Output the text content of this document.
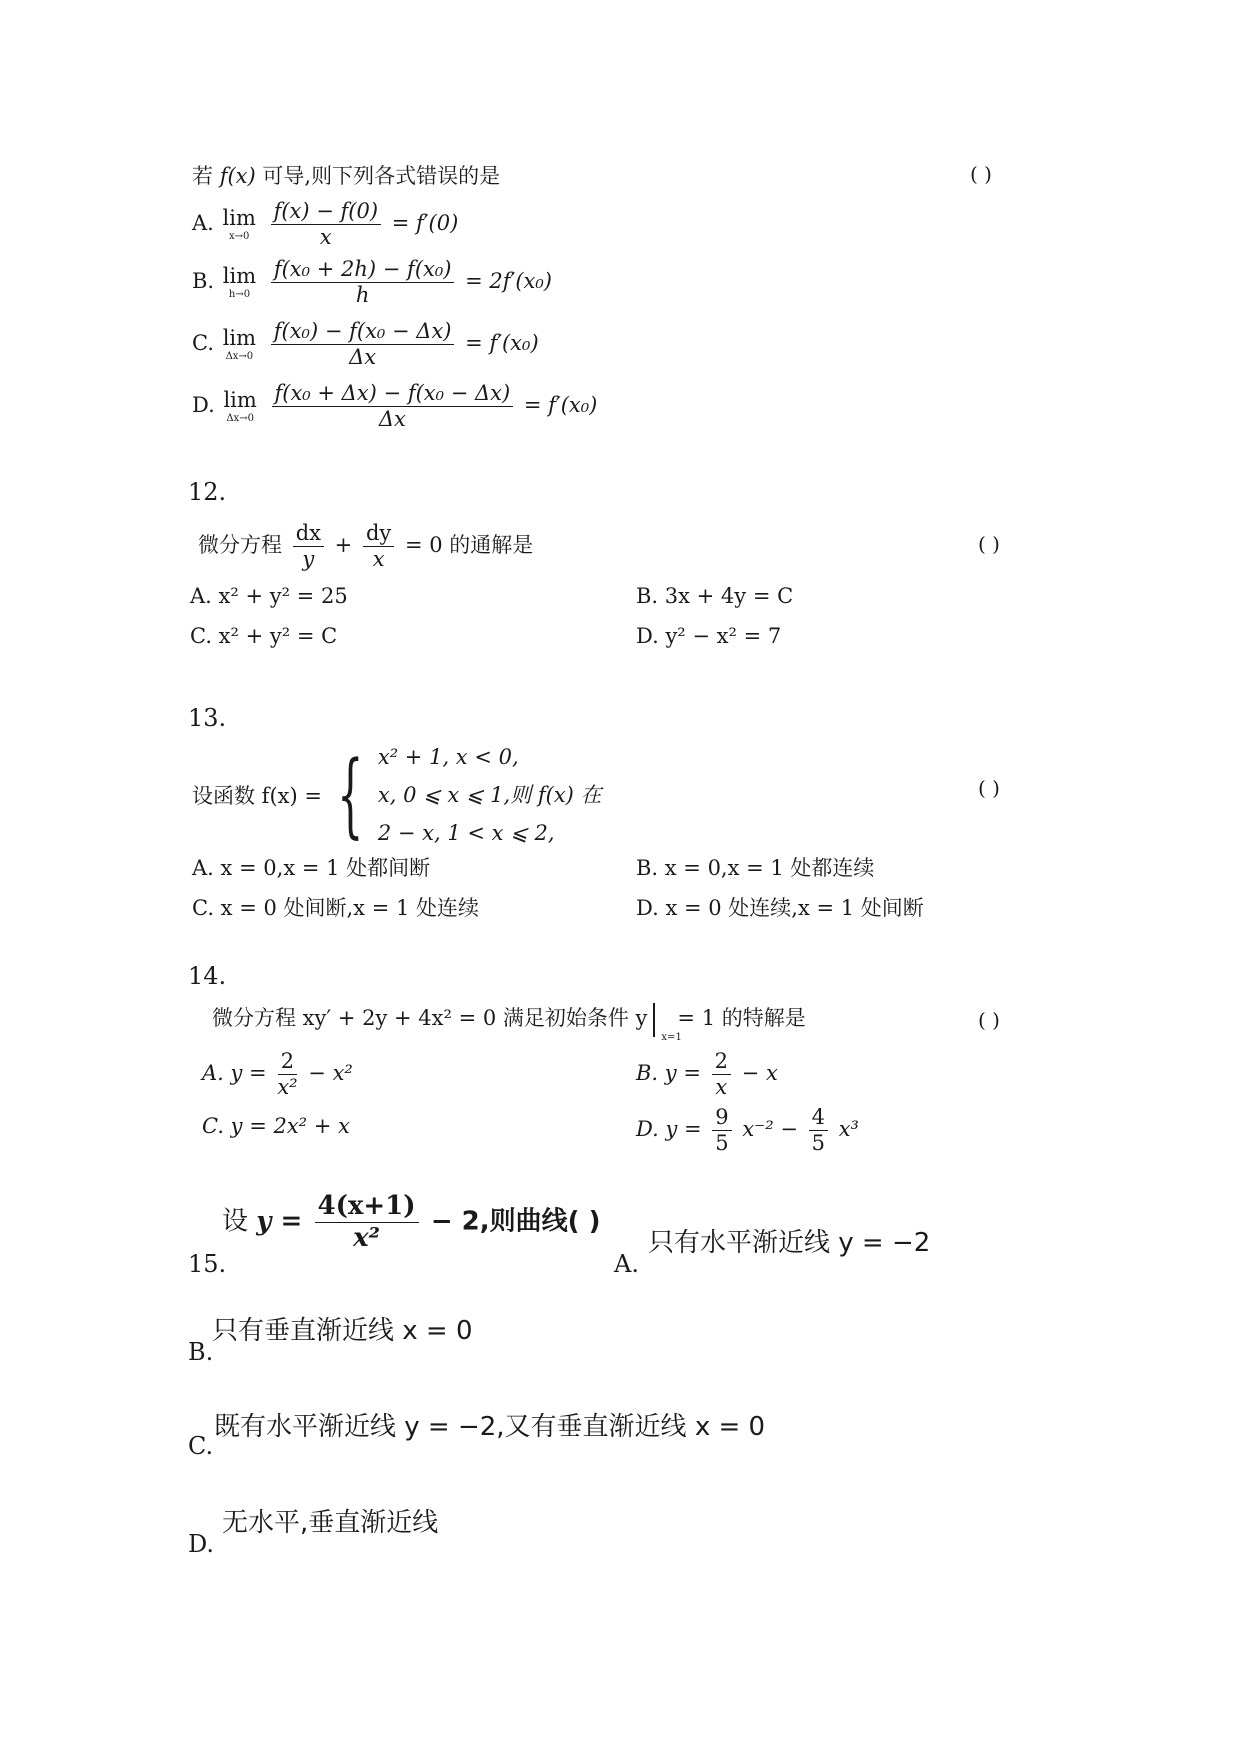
若 f(x) 可导,则下列各式错误的是	( )
A. lim
x→0
$\frac{f(x) - f(0)}{x} = f'(0)$
B. lim
h→0
$\frac{\text{f(x₀ + 2h) − f(x₀)}}{h} = 2f'(x_0)$
C. lim
Δx→0
$\frac{\text{f(x₀) − f(x₀ − Δx)}}{\Delta x} = f'(x_0)$
D. lim
Δx→0
$\frac{\text{f(x₀ + Δx) − f(x₀ − Δx)}}{\Delta x} = f'(x_0)$
12.
微分方程 $\frac{dx}{y} + \frac{dy}{x} = 0$ 的通解是	( )
A. x² + y² = 25	B. 3x + 4y = C
C. x² + y² = C	D. y² − x² = 7
13.
设函数 f(x) = { x² + 1, x < 0,
x, 0 ⩽ x ⩽ 1,则 f(x) 在
2 − x, 1 < x ⩽ 2,
( )
A. x = 0,x = 1 处都间断	B. x = 0,x = 1 处都连续
C. x = 0 处间断,x = 1 处连续	D. x = 0 处连续,x = 1 处间断
14.
微分方程 xy′ + 2y + 4x² = 0 满足初始条件 y
x=1
= 1 的特解是	( )
A. $y = \frac{2}{\text{x²}} - x^2$	B. $y = \frac{2}{x} - x$
C. y = 2x² + x	D. $y = \frac{9}{5} x^{-2} - \frac{4}{5} x^3$
设 $y = \frac{4(x+1)}{\text{x²}} - 2$,则曲线( )
15.	A.
只有水平渐近线 y = −2
只有垂直渐近线 x = 0
B.
既有水平渐近线 y = −2,又有垂直渐近线 x = 0
C.
无水平,垂直渐近线
D.
